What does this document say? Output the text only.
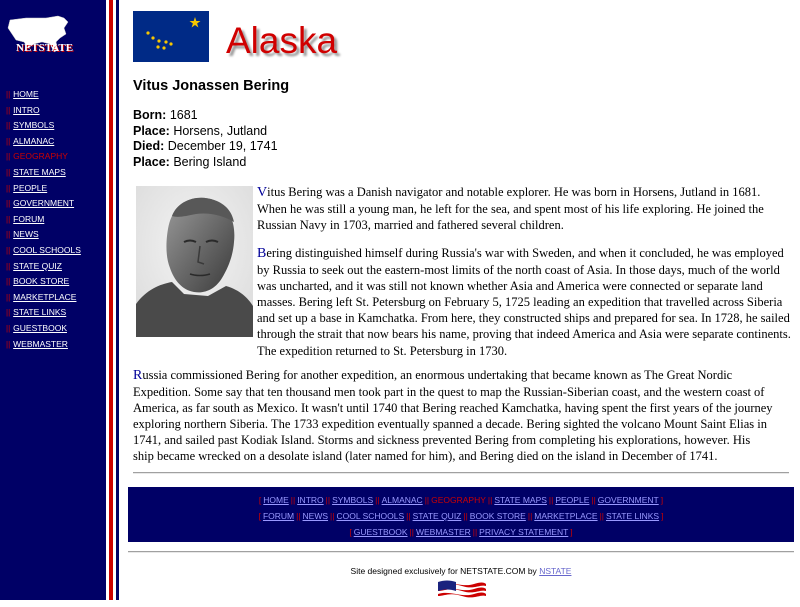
NETSTATE
|| HOME
|| INTRO
|| SYMBOLS
|| ALMANAC
|| GEOGRAPHY
|| STATE MAPS
|| PEOPLE
|| GOVERNMENT
|| FORUM
|| NEWS
|| COOL SCHOOLS
|| STATE QUIZ
|| BOOK STORE
|| MARKETPLACE
|| STATE LINKS
|| GUESTBOOK
|| WEBMASTER
Alaska
Vitus Jonassen Bering
Born: 1681
Place: Horsens, Jutland
Died: December 19, 1741
Place: Bering Island

Vitus Bering was a Danish navigator and notable explorer. He was born in Horsens, Jutland in 1681. When he was still a young man, he left for the sea, and spent most of his life exploring. He joined the Russian Navy in 1703, married and fathered several children.

Bering distinguished himself during Russia's war with Sweden, and when it concluded, he was employed by Russia to seek out the eastern-most limits of the north coast of Asia. In those days, much of the world was uncharted, and it was still not known whether Asia and America were connected or separate land masses. Bering left St. Petersburg on February 5, 1725 leading an expedition that travelled across Siberia and set up a base in Kamchatka. From here, they constructed ships and prepared for sea. In 1728, he sailed through the strait that now bears his name, proving that indeed America and Asia were separate continents. The expedition returned to St. Petersburg in 1730.

Russia commissioned Bering for another expedition, an enormous undertaking that became known as The Great Nordic Expedition. Some say that ten thousand men took part in the quest to map the Russian-Siberian coast, and the western coast of America, as far south as Mexico. It wasn't until 1740 that Bering reached Kamchatka, having spent the first years of the journey exploring northern Siberia. The 1733 expedition eventually spanned a decade. Bering sighted the volcano Mount Saint Elias in 1741, and sailed past Kodiak Island. Storms and sickness prevented Bering from completing his explorations, however. His ship became wrecked on a desolate island (later named for him), and Bering died on the island in December of 1741.

[ HOME || INTRO || SYMBOLS || ALMANAC || GEOGRAPHY || STATE MAPS || PEOPLE || GOVERNMENT ]
[ FORUM || NEWS || COOL SCHOOLS || STATE QUIZ || BOOK STORE || MARKETPLACE || STATE LINKS ]
[ GUESTBOOK || WEBMASTER || PRIVACY STATEMENT ]
Site designed exclusively for NETSTATE.COM by NSTATE
